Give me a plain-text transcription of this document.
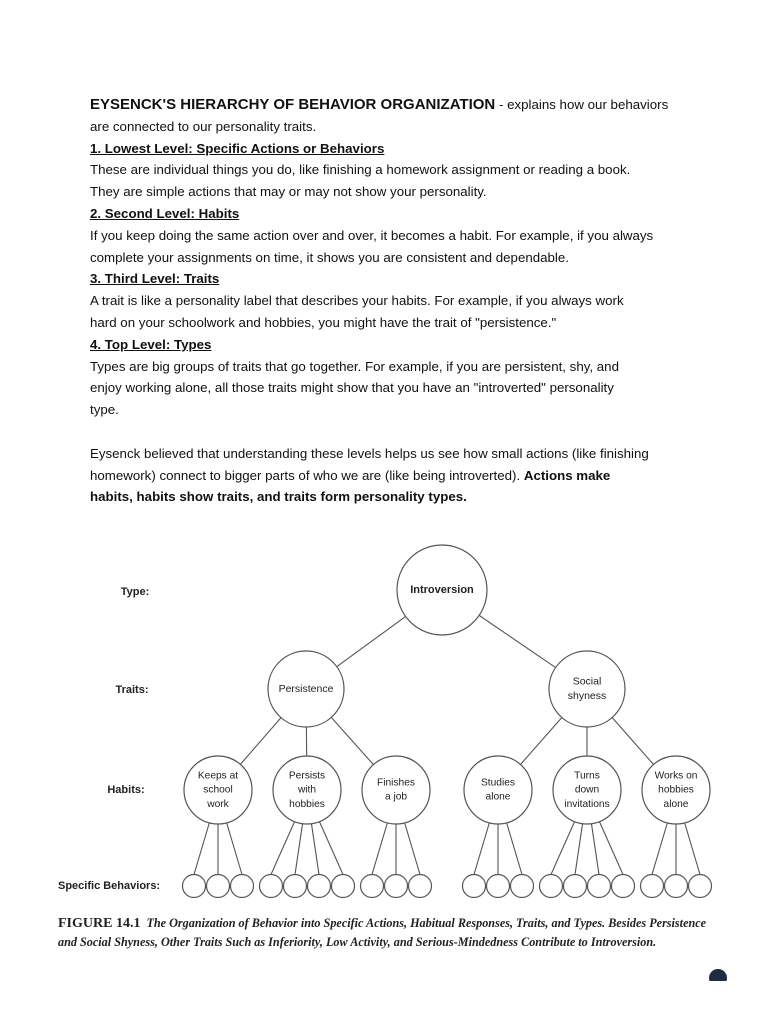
EYSENCK'S HIERARCHY OF BEHAVIOR ORGANIZATION - explains how our behaviors

are connected to our personality traits.

1. Lowest Level: Specific Actions or Behaviors

These are individual things you do, like finishing a homework assignment or reading a book.

They are simple actions that may or may not show your personality.

2. Second Level: Habits

If you keep doing the same action over and over, it becomes a habit. For example, if you always

complete your assignments on time, it shows you are consistent and dependable.

3. Third Level: Traits

A trait is like a personality label that describes your habits. For example, if you always work

hard on your schoolwork and hobbies, you might have the trait of "persistence."

4. Top Level: Types

Types are big groups of traits that go together. For example, if you are persistent, shy, and

enjoy working alone, all those traits might show that you have an "introverted" personality

type.

Eysenck believed that understanding these levels helps us see how small actions (like finishing

homework) connect to bigger parts of who we are (like being introverted). Actions make

habits, habits show traits, and traits form personality types.

Introversion
Persistence
Social shyness
Keeps at school work
Persists with hobbies
Finishes a job
Studies alone
Turns down invitations
Works on hobbies alone
Type:
Traits:
Habits:
Specific Behaviors:
FIGURE 14.1 The Organization of Behavior into Specific Actions, Habitual Responses, Traits, and Types. Besides Persistence and Social Shyness, Other Traits Such as Inferiority, Low Activity, and Serious-Mindedness Contribute to Introversion.
